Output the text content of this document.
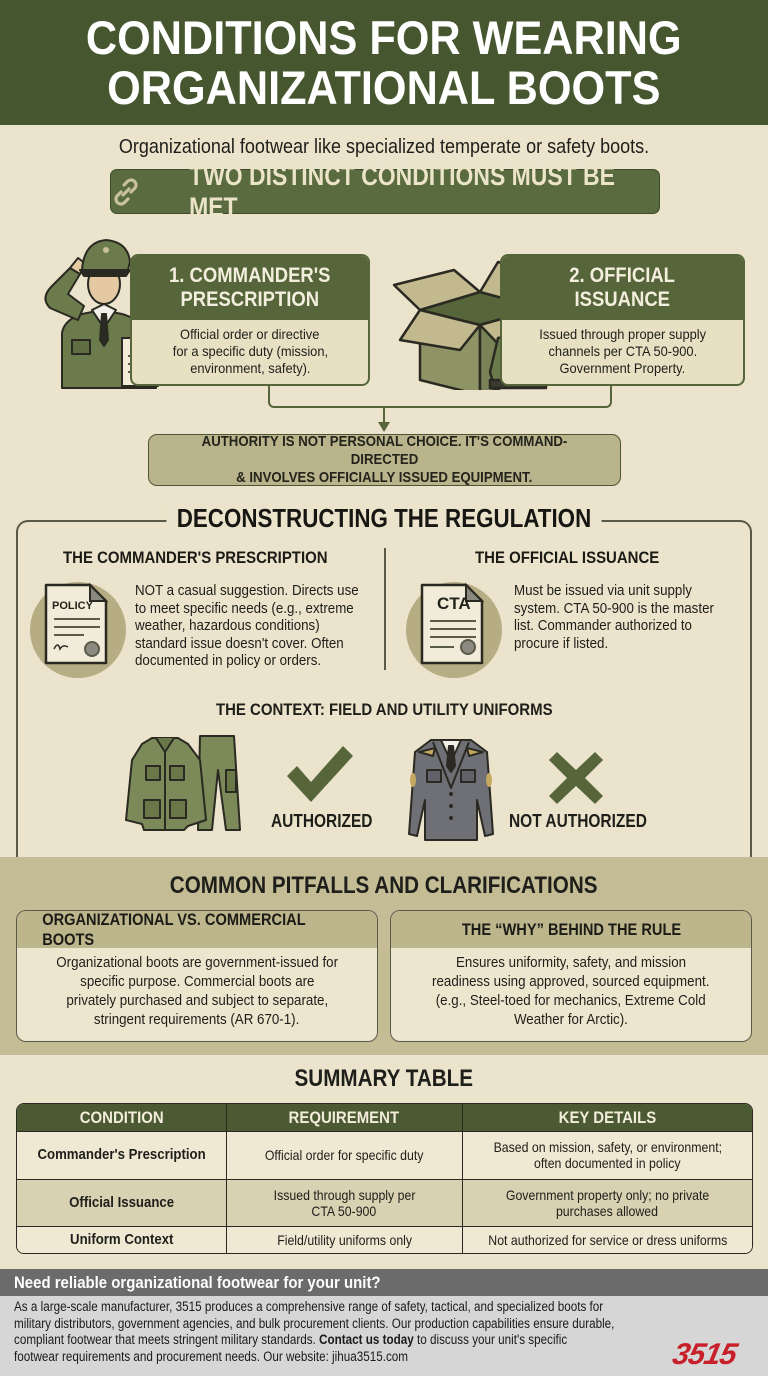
CONDITIONS FOR WEARING
ORGANIZATIONAL BOOTS
Organizational footwear like specialized temperate or safety boots.
TWO DISTINCT CONDITIONS MUST BE MET
1. COMMANDER'S
PRESCRIPTION
Official order or directive
for a specific duty (mission,
environment, safety).
2. OFFICIAL
ISSUANCE
Issued through proper supply
channels per CTA 50-900.
Government Property.
AUTHORITY IS NOT PERSONAL CHOICE. IT'S COMMAND-DIRECTED
& INVOLVES OFFICIALLY ISSUED EQUIPMENT.
DECONSTRUCTING THE REGULATION
THE COMMANDER'S PRESCRIPTION	THE OFFICIAL ISSUANCE
POLICY
NOT a casual suggestion. Directs use
to meet specific needs (e.g., extreme
weather, hazardous conditions)
standard issue doesn't cover. Often
documented in policy or orders.
CTA
Must be issued via unit supply
system. CTA 50-900 is the master
list. Commander authorized to
procure if listed.
THE CONTEXT: FIELD AND UTILITY UNIFORMS
AUTHORIZED	NOT AUTHORIZED
COMMON PITFALLS AND CLARIFICATIONS
ORGANIZATIONAL VS. COMMERCIAL BOOTS
Organizational boots are government-issued for
specific purpose. Commercial boots are
privately purchased and subject to separate,
stringent requirements (AR 670-1).
THE “WHY” BEHIND THE RULE
Ensures uniformity, safety, and mission
readiness using approved, sourced equipment.
(e.g., Steel-toed for mechanics, Extreme Cold
Weather for Arctic).
SUMMARY TABLE
CONDITION	REQUIREMENT	KEY DETAILS
Commander's Prescription	Official order for specific duty	Based on mission, safety, or environment;
often documented in policy
Official Issuance	Issued through supply per
CTA 50-900	Government property only; no private
purchases allowed
Uniform Context	Field/utility uniforms only	Not authorized for service or dress uniforms
Need reliable organizational footwear for your unit?
As a large-scale manufacturer, 3515 produces a comprehensive range of safety, tactical, and specialized boots for
military distributors, government agencies, and bulk procurement clients. Our production capabilities ensure durable,
compliant footwear that meets stringent military standards. Contact us today to discuss your unit's specific
footwear requirements and procurement needs. Our website: jihua3515.com	3515
